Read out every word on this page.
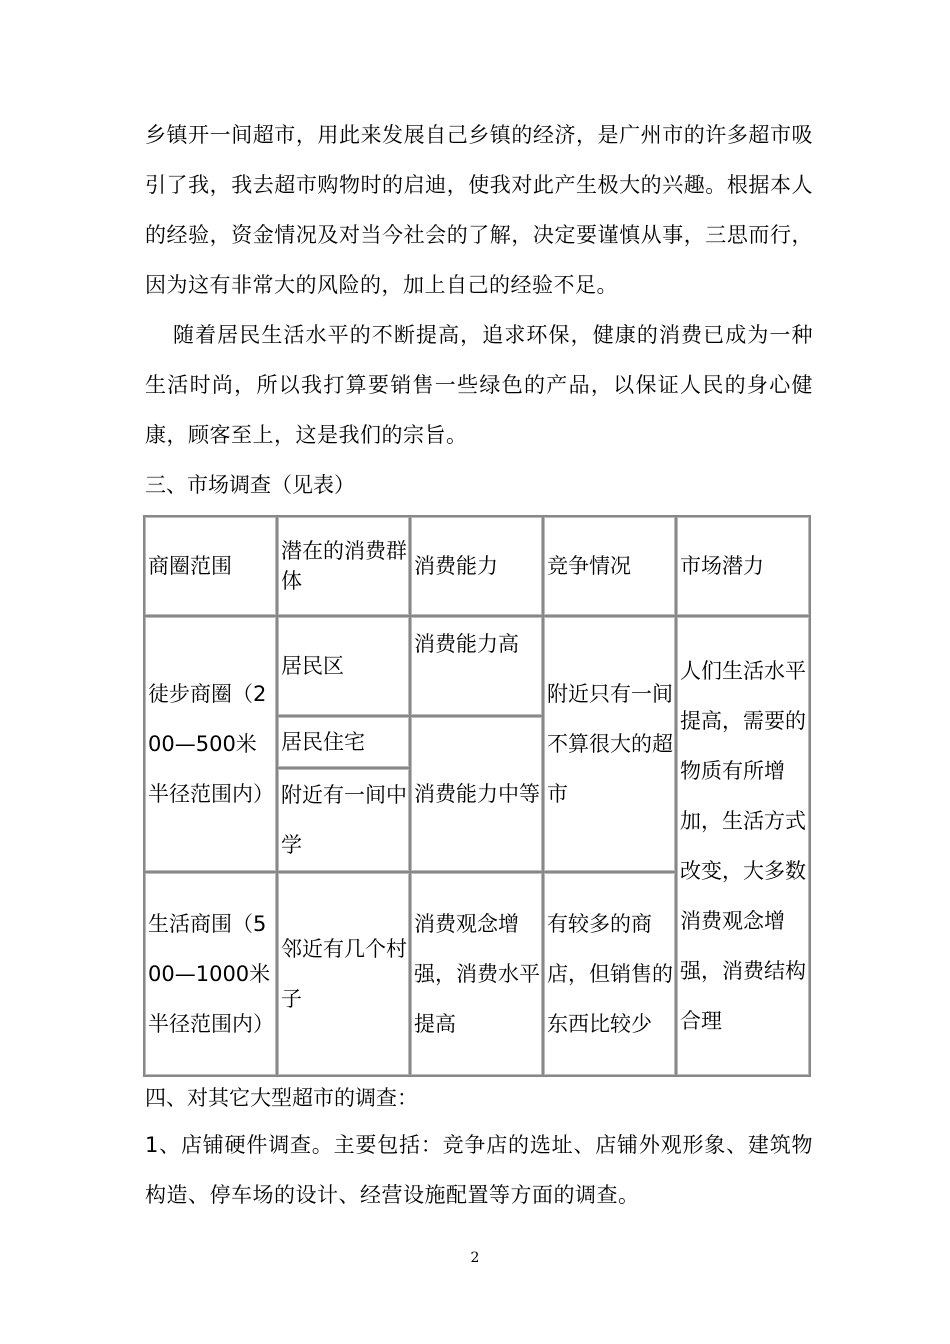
乡镇开一间超市，用此来发展自己乡镇的经济，是广州市的许多超市吸引了我，我去超市购物时的启迪，使我对此产生极大的兴趣。根据本人的经验，资金情况及对当今社会的了解，决定要谨慎从事，三思而行，因为这有非常大的风险的，加上自己的经验不足。

随着居民生活水平的不断提高，追求环保，健康的消费已成为一种生活时尚，所以我打算要销售一些绿色的产品，以保证人民的身心健康，顾客至上，这是我们的宗旨。

三、市场调查（见表）

商圈范围	潜在的消费群体	消费能力	竞争情况	市场潜力
徒步商圈（200—500米半径范围内）	居民区	消费能力高	附近只有一间不算很大的超市	人们生活水平提高，需要的物质有所增加，生活方式改变，大多数消费观念增强，消费结构合理
	居民住宅	消费能力中等		
	附近有一间中学			
生活商围（500—1000米半径范围内）	邻近有几个村子	消费观念增强，消费水平提高	有较多的商店，但销售的东西比较少	

四、对其它大型超市的调查：

1、店铺硬件调查。主要包括：竞争店的选址、店铺外观形象、建筑物构造、停车场的设计、经营设施配置等方面的调查。

2
